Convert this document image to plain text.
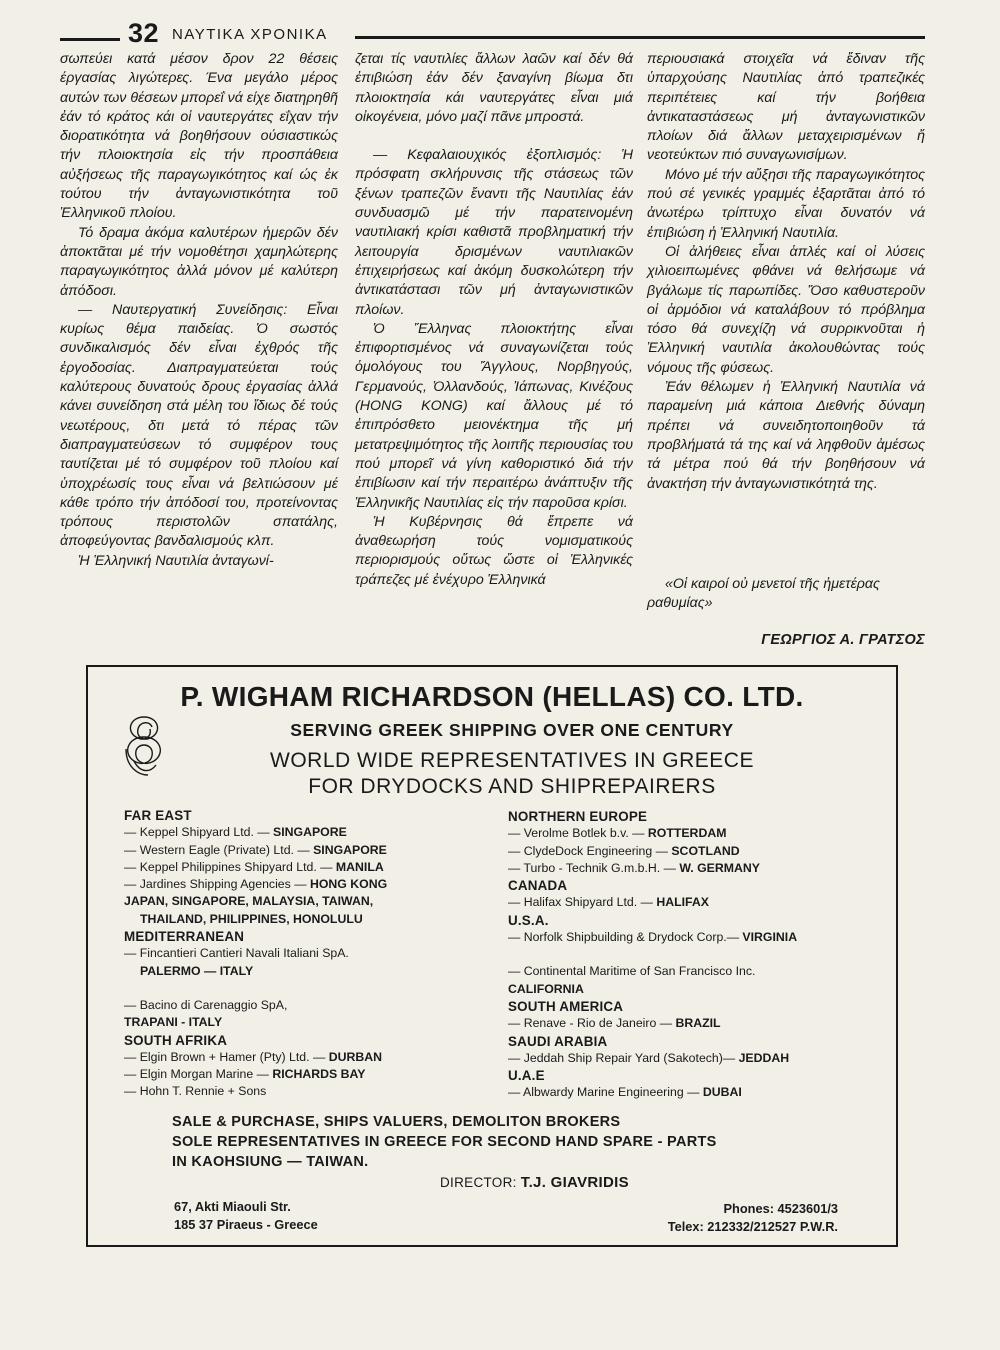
32 ΝΑΥΤΙΚΑ ΧΡΟΝΙΚΑ

σωπεύει κατά μέσον δρον 22 θέσεις έργασίας λιγώτερες. Ένα μεγάλο μέρος αυτών των θέσεων μπορεΐ νά είχε διατηρηθῆ ἐάν τό κράτος κάι οἱ ναυτεργάτες εΐχαν τήν διορατικότητα νά βοηθήσουν ούσιαστικώς τήν πλοιοκτησία εἰς τήν προσπάθεια αὐξήσεως τῆς παραγωγικότητος καί ώς ἐκ τούτου τήν ἀνταγωνιστικότητα τοῦ Ἑλληνικοῦ πλοίου.

Τό δραμα ἀκόμα καλυτέρων ἡμερῶν δέν ἀποκτᾶται μέ τήν νομοθέτησι χαμηλώτερης παραγωγικότητος ἀλλά μόνον μέ καλύτερη ἀπόδοσι.

— Ναυτεργατική Συνείδησις: Εἶναι κυρίως θέμα παιδείας. Ὁ σωστός συνδικαλισμός δέν εἶναι ἐχθρός τῆς ἐργοδοσίας. Διαπραγματεύεται τούς καλύτερους δυνατούς δρους ἐργασίας ἀλλά κάνει συνείδηση στά μέλη του ἴδιως δέ τούς νεωτέρους, δτι μετά τό πέρας τῶν διαπραγματεύσεων τό συμφέρον τους ταυτίζεται μέ τό συμφέρον τοῦ πλοίου καί ὑποχρέωσίς τους εἶναι νά βελτιώσουν μέ κάθε τρόπο τήν ἀπόδοσί του, προτείνοντας τρόπους περιστολῶν σπατάλης, ἀποφεύγοντας βανδαλισμούς κλπ.

Ἡ Ἑλληνική Ναυτιλία ἀνταγωνί-

ζεται τίς ναυτιλίες ἄλλων λαῶν καί δέν θά ἐπιβιώση ἐάν δέν ξαναγίνη βίωμα δτι πλοιοκτησία κάι ναυτεργάτες εἶναι μιά οἰκογένεια, μόνο μαζί πᾶνε μπροστά.

— Κεφαλαιουχικός ἐξοπλισμός: Ἡ πρόσφατη σκλήρυνσις τῆς στάσεως τῶν ξένων τραπεζῶν ἔναντι τῆς Ναυτιλίας ἐάν συνδυασμῶ μέ τήν παρατεινομένη ναυτιλιακή κρίσι καθιστᾶ προβληματική τήν λειτουργία δρισμένων ναυτιλιακῶν ἐπιχειρήσεως καί ἀκόμη δυσκολώτερη τήν ἀντικατάστασι τῶν μή ἀνταγωνιστικῶν πλοίων.

Ὁ Ἕλληνας πλοιοκτήτης εἶναι ἐπιφορτισμένος νά συναγωνίζεται τούς ὁμολόγους του Ἄγγλους, Νορβηγούς, Γερμανούς, Ὀλλανδούς, Ἰάπωνας, Κινέζους (HONG KONG) καί ἄλλους μέ τό ἐπιπρόσθετο μειονέκτημα τῆς μή μετατρεψιμότητος τῆς λοιπῆς περιουσίας του πού μπορεῖ νά γίνη καθοριστικό διά τήν ἐπιβίωσιν καί τήν περαιτέρω ἀνάπτυξιν τῆς Ἑλληνικῆς Ναυτιλίας εἰς τήν παροῦσα κρίσι.

Ἡ Κυβέρνησις θά ἔπρεπε νά ἀναθεωρήση τούς νομισματικούς περιορισμούς οὕτως ὥστε οἱ Ἑλληνικές τράπεζες μέ ἐνέχυρο Ἑλληνικά

περιουσιακά στοιχεῖα νά ἔδιναν τῆς ὑπαρχούσης Ναυτιλίας ἀπό τραπεζικές περιπέτειες καί τήν βοήθεια ἀντικαταστάσεως μή ἀνταγωνιστικῶν πλοίων διά ἄλλων μεταχειρισμένων ἤ νεοτεύκτων πιό συναγωνισίμων.

Μόνο μέ τήν αὔξησι τῆς παραγωγικότητος πού σέ γενικές γραμμές ἐξαρτᾶται ἀπό τό ἀνωτέρω τρίπτυχο εἶναι δυνατόν νά ἐπιβιώση ἡ Ἑλληνική Ναυτιλία.

Οἱ ἀλήθειες εἶναι ἁπλές καί οἱ λύσεις χιλιοειπωμένες φθάνει νά θελήσωμε νά βγάλωμε τίς παρωπίδες. Ὅσο καθυστεροῦν οἱ ἁρμόδιοι νά καταλάβουν τό πρόβλημα τόσο θά συνεχίζη νά συρρικνοῦται ἡ Ἑλληνική ναυτιλία ἀκολουθώντας τούς νόμους τῆς φύσεως.

Ἐάν θέλωμεν ἡ Ἑλληνική Ναυτιλία νά παραμείνη μιά κάποια Διεθνής δύναμη πρέπει νά συνειδητοποιηθοῦν τά προβλήματά τά της καί νά ληφθοῦν ἀμέσως τά μέτρα πού θά τήν βοηθήσουν νά ἀνακτήση τήν ἀνταγωνιστικότητά της.

«Οἱ καιροί οὐ μενετοί τῆς ἡμετέρας ραθυμίας»
ΓΕΩΡΓΙΟΣ Α. ΓΡΑΤΣΟΣ
P. WIGHAM RICHARDSON (HELLAS) CO. LTD.
SERVING GREEK SHIPPING OVER ONE CENTURY
WORLD WIDE REPRESENTATIVES IN GREECE
FOR DRYDOCKS AND SHIPREPAIRERS
FAR EAST
— Keppel Shipyard Ltd. — SINGAPORE
— Western Eagle (Private) Ltd. — SINGAPORE
— Keppel Philippines Shipyard Ltd. — MANILA
— Jardines Shipping Agencies — HONG KONG
JAPAN, SINGAPORE, MALAYSIA, TAIWAN,
THAILAND, PHILIPPINES, HONOLULU
MEDITERRANEAN
— Fincantieri Cantieri Navali Italiani SpA.
PALERMO — ITALY
— Bacino di Carenaggio SpA,
TRAPANI - ITALY
SOUTH AFRIKA
— Elgin Brown + Hamer (Pty) Ltd. — DURBAN
— Elgin Morgan Marine — RICHARDS BAY
— Hohn T. Rennie + Sons
NORTHERN EUROPE
— Verolme Botlek b.v. — ROTTERDAM
— ClydeDock Engineering — SCOTLAND
— Turbo - Technik G.m.b.H. — W. GERMANY
CANADA
— Halifax Shipyard Ltd. — HALIFAX
U.S.A.
— Norfolk Shipbuilding & Drydock Corp.— VIRGINIA
— Continental Maritime of San Francisco Inc.
CALIFORNIA
SOUTH AMERICA
— Renave - Rio de Janeiro — BRAZIL
SAUDI ARABIA
— Jeddah Ship Repair Yard (Sakotech)— JEDDAH
U.A.E
— Albwardy Marine Engineering — DUBAI
SALE & PURCHASE, SHIPS VALUERS, DEMOLITON BROKERS
SOLE REPRESENTATIVES IN GREECE FOR SECOND HAND SPARE - PARTS
IN KAOHSIUNG — TAIWAN.
DIRECTOR: T.J. GIAVRIDIS
67, Akti Miaouli Str.
185 37 Piraeus - Greece
Phones: 4523601/3
Telex: 212332/212527 P.W.R.
